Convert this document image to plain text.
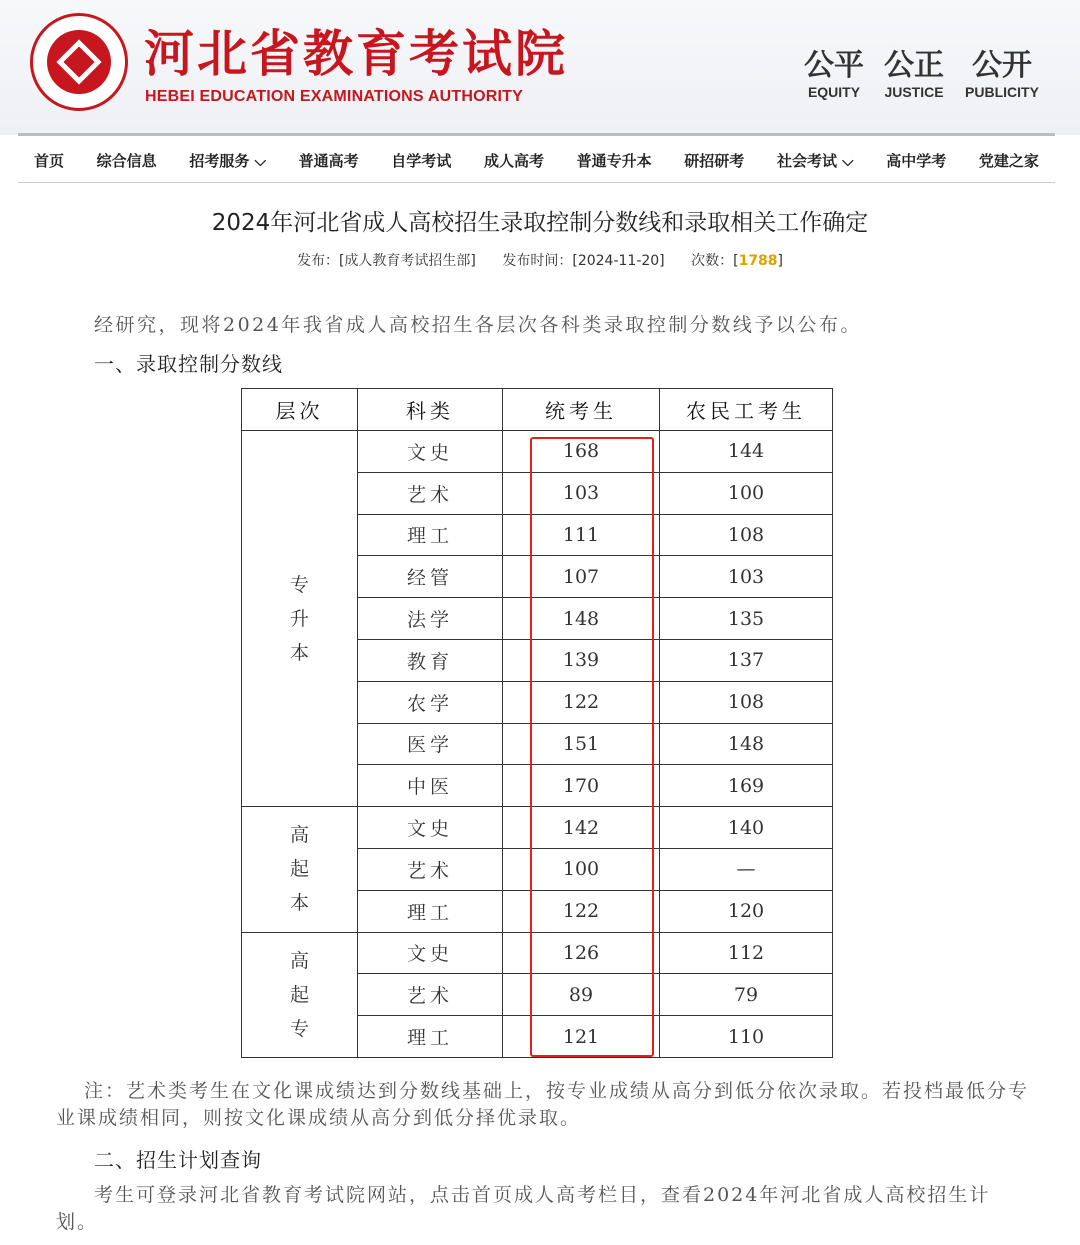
河北省教育考试院
HEBEI EDUCATION EXAMINATIONS AUTHORITY
公平
EQUITY
公正
JUSTICE
公开
PUBLICITY
首页 综合信息 招考服务 ⌵ 普通高考 自学考试 成人高考 普通专升本 研招研考 社会考试 ⌵ 高中学考 党建之家
2024年河北省成人高校招生录取控制分数线和录取相关工作确定
发布：[成人教育考试招生部] 发布时间：[2024-11-20] 次数：[1788]
经研究，现将2024年我省成人高校招生各层次各科类录取控制分数线予以公布。
一、录取控制分数线
层次	科类	统考生	农民工考生

专
升
本	文史	168	144
	艺术	103	100
	理工	111	108
	经管	107	103
	法学	148	135
	教育	139	137
	农学	122	108
	医学	151	148
	中医	170	169

高
起
本	文史	142	140
	艺术	100	—
	理工	122	120

高
起
专	文史	126	112
	艺术	89	79
	理工	121	110
注：艺术类考生在文化课成绩达到分数线基础上，按专业成绩从高分到低分依次录取。若投档最低分专业课成绩相同，则按文化课成绩从高分到低分择优录取。
二、招生计划查询
考生可登录河北省教育考试院网站，点击首页成人高考栏目，查看2024年河北省成人高校招生计划。
